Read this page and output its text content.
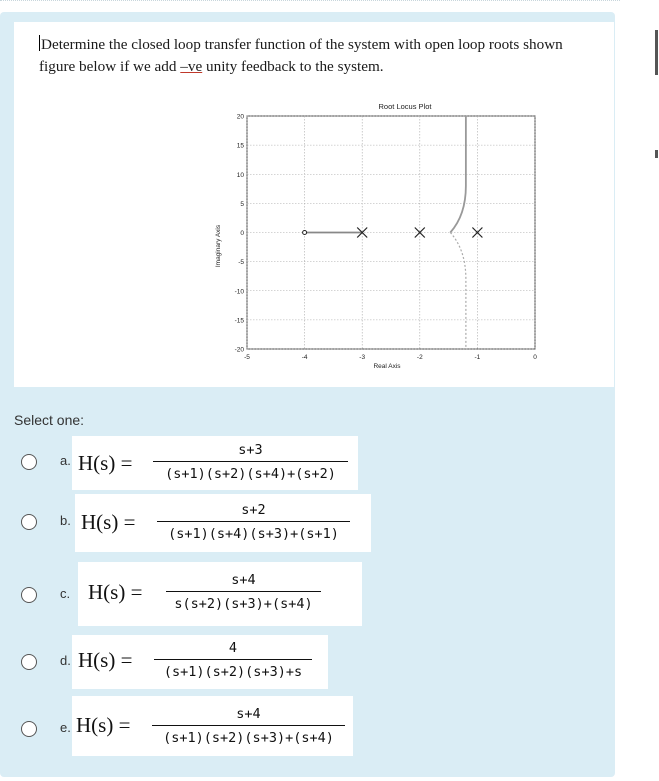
Determine the closed loop transfer function of the system with open loop roots shown
figure below if we add –ve unity feedback to the system.
Root Locus Plot
Imaginary Axis
Real Axis
-5	-4	-3	-2	-1	0
20
15
10
5
0
-5
-10
-15
-20
Select one:
a. H(s) =
s+3
(s+1)(s+2)(s+4)+(s+2)
b. H(s) =	s+2
(s+1)(s+4)(s+3)+(s+1)
c. H(s) =	s+4
s(s+2)(s+3)+(s+4)
d. H(s) =	4
(s+1)(s+2)(s+3)+s
e. H(s) =	s+4
(s+1)(s+2)(s+3)+(s+4)
